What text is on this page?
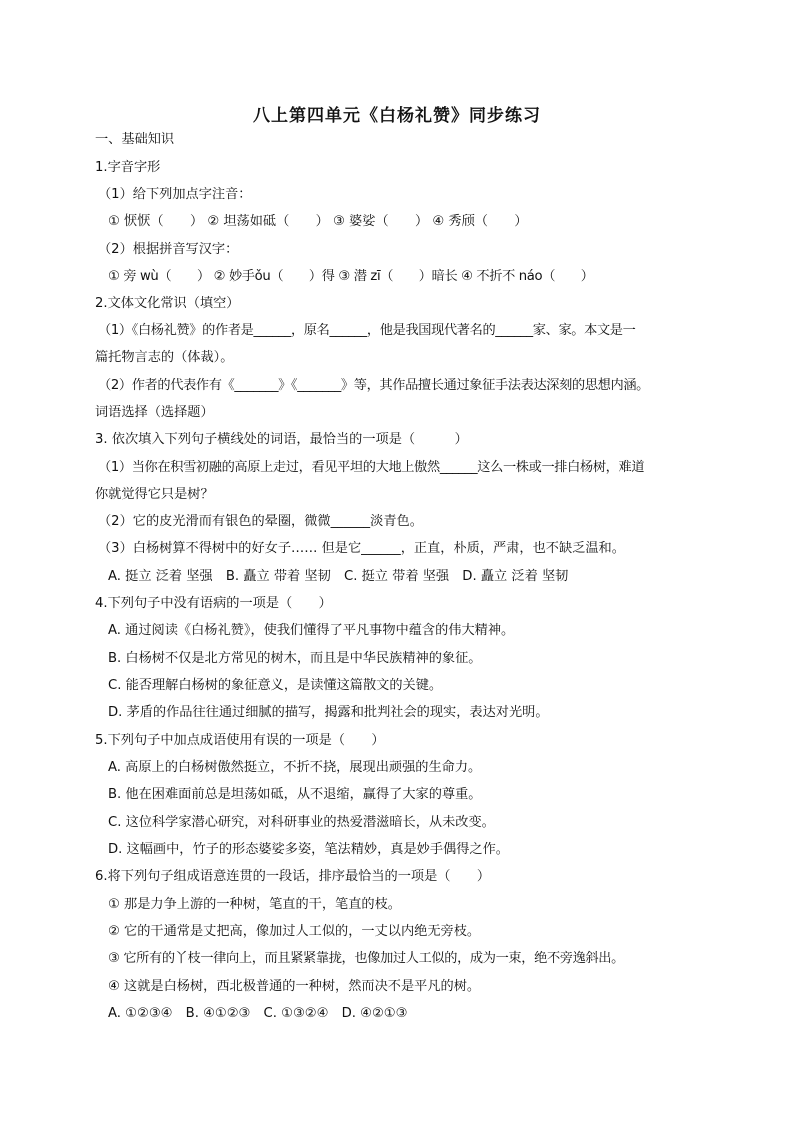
八上第四单元《白杨礼赞》同步练习
一、基础知识
1.字音字形
（1）给下列加点字注音：
① 恹恹（　　） ② 坦荡如砥（　　） ③ 婆娑（　　） ④ 秀颀（　　）
（2）根据拼音写汉字：
① 旁 wù（　　） ② 妙手ǒu（　　）得 ③ 潜 zī（　　）暗长 ④ 不折不 náo（　　）
2.文体文化常识（填空）
（1）《白杨礼赞》的作者是______，原名______，他是我国现代著名的______家、家。本文是一
篇托物言志的（体裁）。
（2）作者的代表作有《_______》《_______》等，其作品擅长通过象征手法表达深刻的思想内涵。
词语选择（选择题）
3. 依次填入下列句子横线处的词语，最恰当的一项是（　　　）
（1）当你在积雪初融的高原上走过，看见平坦的大地上傲然______这么一株或一排白杨树，难道
你就觉得它只是树？
（2）它的皮光滑而有银色的晕圈，微微______淡青色。
（3）白杨树算不得树中的好女子…… 但是它______，正直，朴质，严肃，也不缺乏温和。
A. 挺立 泛着 坚强　B. 矗立 带着 坚韧　C. 挺立 带着 坚强　D. 矗立 泛着 坚韧
4.下列句子中没有语病的一项是（　　）
A. 通过阅读《白杨礼赞》，使我们懂得了平凡事物中蕴含的伟大精神。
B. 白杨树不仅是北方常见的树木，而且是中华民族精神的象征。
C. 能否理解白杨树的象征意义，是读懂这篇散文的关键。
D. 茅盾的作品往往通过细腻的描写，揭露和批判社会的现实，表达对光明。
5.下列句子中加点成语使用有误的一项是（　　）
A. 高原上的白杨树傲然挺立，不折不挠，展现出顽强的生命力。
B. 他在困难面前总是坦荡如砥，从不退缩，赢得了大家的尊重。
C. 这位科学家潜心研究，对科研事业的热爱潜滋暗长，从未改变。
D. 这幅画中，竹子的形态婆娑多姿，笔法精妙，真是妙手偶得之作。
6.将下列句子组成语意连贯的一段话，排序最恰当的一项是（　　）
① 那是力争上游的一种树，笔直的干，笔直的枝。
② 它的干通常是丈把高，像加过人工似的，一丈以内绝无旁枝。
③ 它所有的丫枝一律向上，而且紧紧靠拢，也像加过人工似的，成为一束，绝不旁逸斜出。
④ 这就是白杨树，西北极普通的一种树，然而决不是平凡的树。
A. ①②③④　B. ④①②③　C. ①③②④　D. ④②①③
